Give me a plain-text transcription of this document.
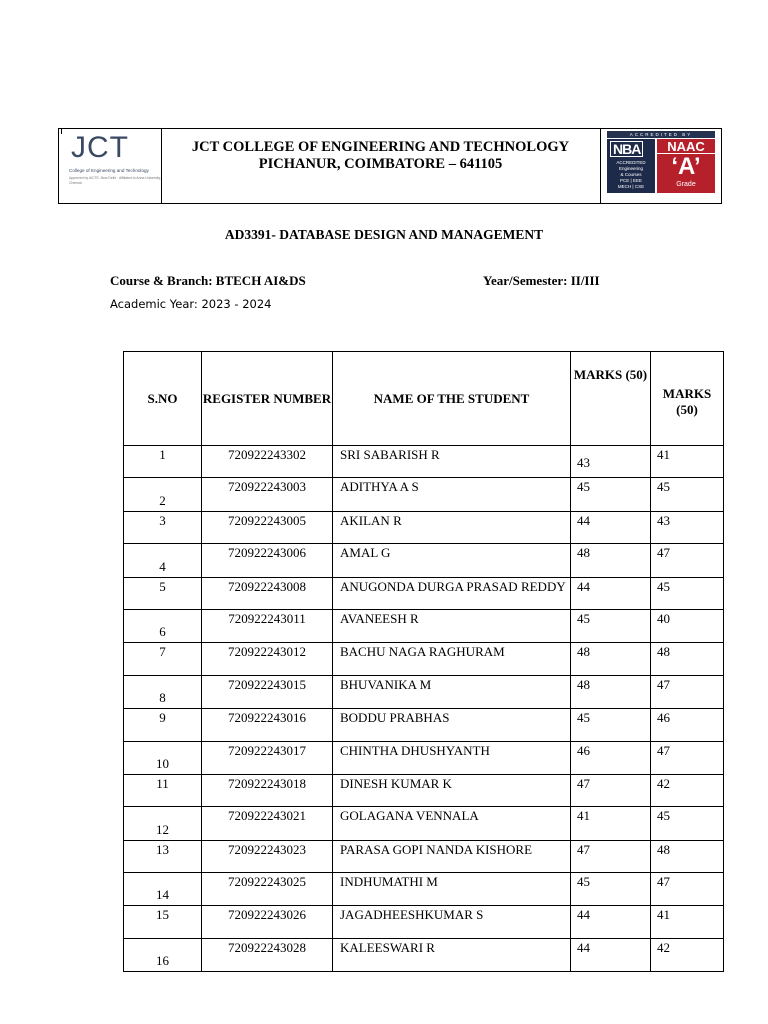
JCT
College of Engineering and Technology
Approved by AICTE, New Delhi · Affiliated to Anna University, Chennai
JCT COLLEGE OF ENGINEERING AND TECHNOLOGY
PICHANUR, COIMBATORE – 641105
ACCREDITED BY
NBA
ACCREDITED
Engineering
& Courses
PCE | EEE
MECH | CSE
NAAC
‘A’
Grade
AD3391- DATABASE DESIGN AND MANAGEMENT
Course & Branch: BTECH AI&DS	Year/Semester: II/III
Academic Year: 2023 - 2024
S.NO	REGISTER NUMBER	NAME OF THE STUDENT	MARKS (50)	MARKS (50)
1	720922243302	SRI SABARISH R	43	41
2	720922243003	ADITHYA A S	45	45
3	720922243005	AKILAN R	44	43
4	720922243006	AMAL G	48	47
5	720922243008	ANUGONDA DURGA PRASAD REDDY	44	45
6	720922243011	AVANEESH R	45	40
7	720922243012	BACHU NAGA RAGHURAM	48	48
8	720922243015	BHUVANIKA M	48	47
9	720922243016	BODDU PRABHAS	45	46
10	720922243017	CHINTHA DHUSHYANTH	46	47
11	720922243018	DINESH KUMAR K	47	42
12	720922243021	GOLAGANA VENNALA	41	45
13	720922243023	PARASA GOPI NANDA KISHORE	47	48
14	720922243025	INDHUMATHI M	45	47
15	720922243026	JAGADHEESHKUMAR S	44	41
16	720922243028	KALEESWARI R	44	42
